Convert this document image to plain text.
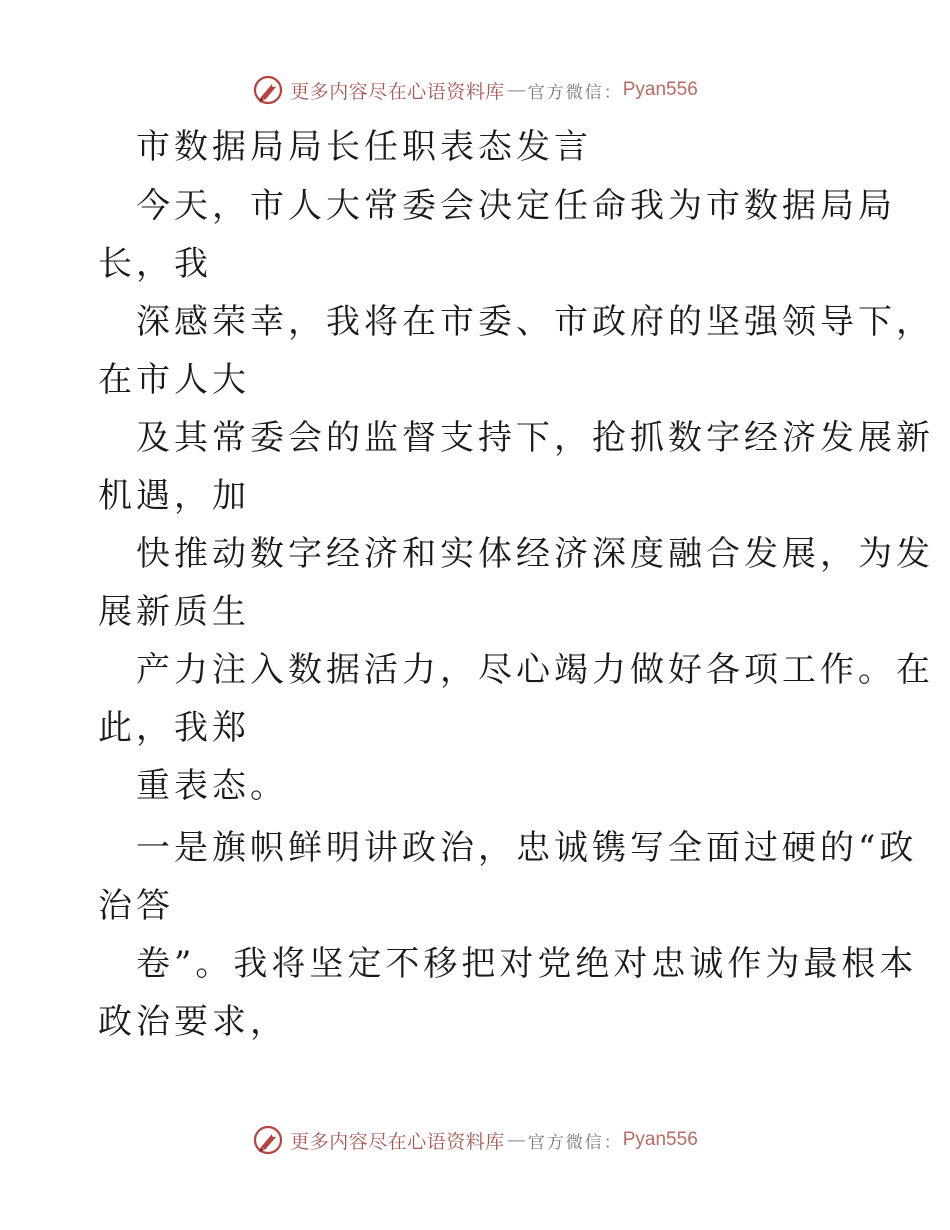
更多内容尽在心语资料库 — 官方微信： Pyan556
市数据局局长任职表态发言
今天，市人大常委会决定任命我为市数据局局
长，我
深感荣幸，我将在市委、市政府的坚强领导下，
在市人大
及其常委会的监督支持下，抢抓数字经济发展新
机遇，加
快推动数字经济和实体经济深度融合发展，为发
展新质生
产力注入数据活力，尽心竭力做好各项工作。在
此，我郑
重表态。
一是旗帜鲜明讲政治，忠诚镌写全面过硬的“政
治答
卷”。我将坚定不移把对党绝对忠诚作为最根本
政治要求，
更多内容尽在心语资料库 — 官方微信： Pyan556
